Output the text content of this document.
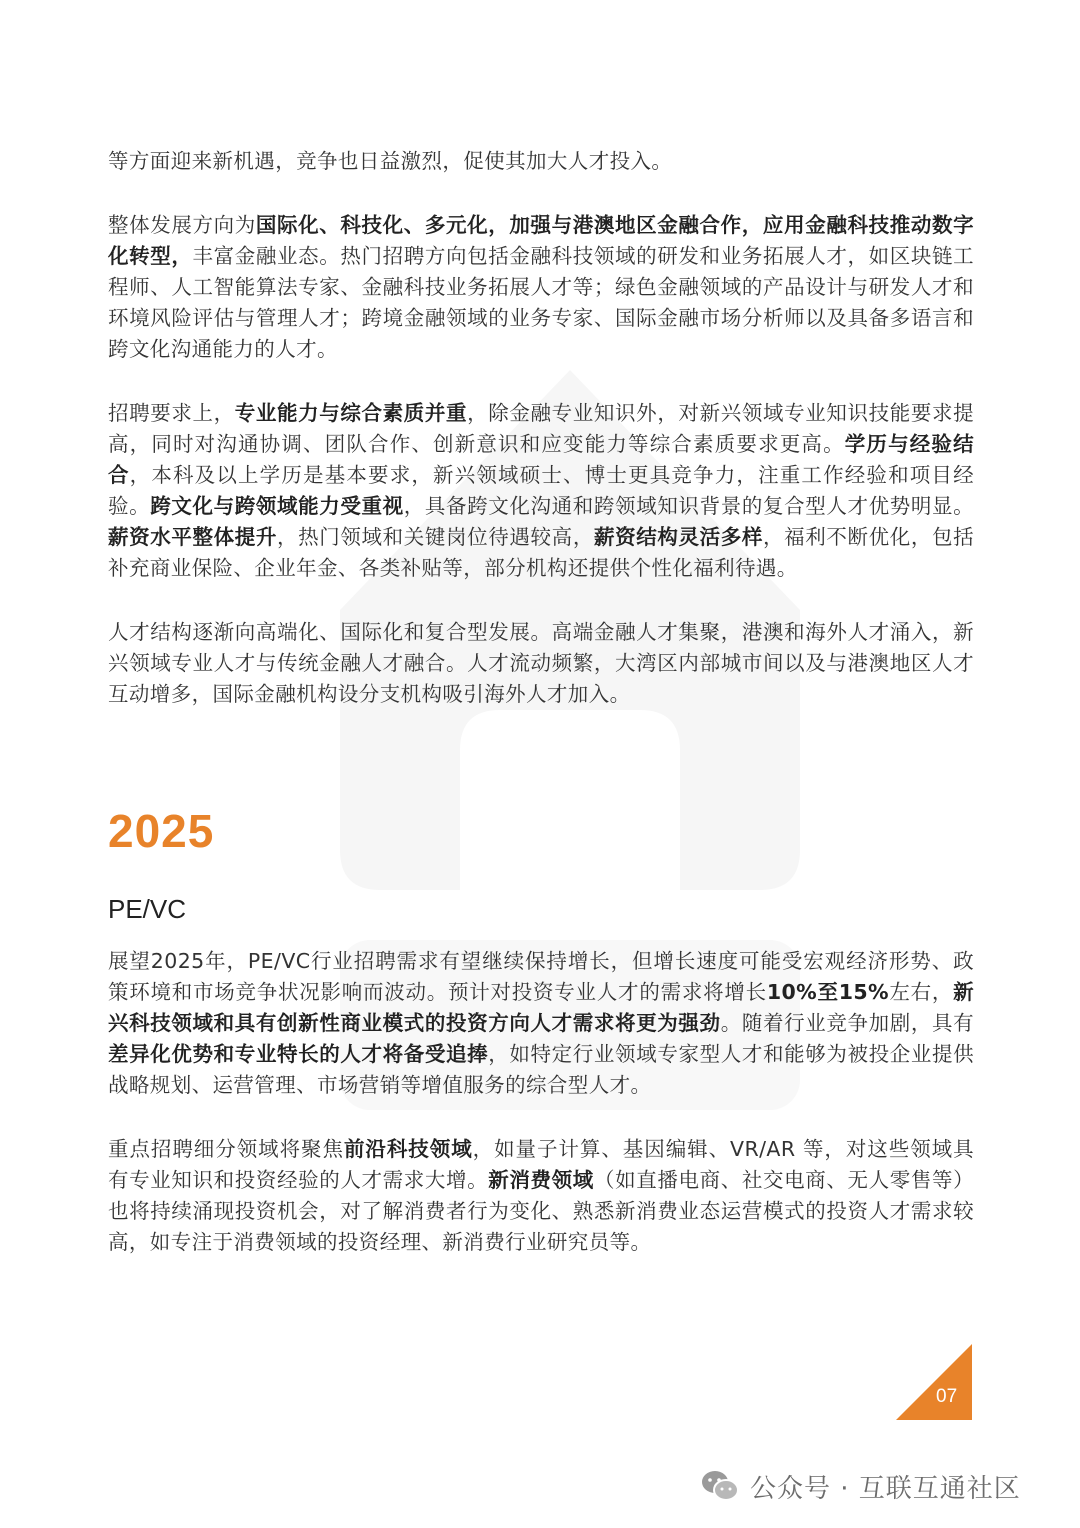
等方面迎来新机遇，竞争也日益激烈，促使其加大人才投入。

整体发展方向为国际化、科技化、多元化，加强与港澳地区金融合作，应用金融科技推动数字化转型，丰富金融业态。热门招聘方向包括金融科技领域的研发和业务拓展人才，如区块链工程师、人工智能算法专家、金融科技业务拓展人才等；绿色金融领域的产品设计与研发人才和环境风险评估与管理人才；跨境金融领域的业务专家、国际金融市场分析师以及具备多语言和跨文化沟通能力的人才。

招聘要求上，专业能力与综合素质并重，除金融专业知识外，对新兴领域专业知识技能要求提高，同时对沟通协调、团队合作、创新意识和应变能力等综合素质要求更高。学历与经验结合，本科及以上学历是基本要求，新兴领域硕士、博士更具竞争力，注重工作经验和项目经验。跨文化与跨领域能力受重视，具备跨文化沟通和跨领域知识背景的复合型人才优势明显。薪资水平整体提升，热门领域和关键岗位待遇较高，薪资结构灵活多样，福利不断优化，包括补充商业保险、企业年金、各类补贴等，部分机构还提供个性化福利待遇。

人才结构逐渐向高端化、国际化和复合型发展。高端金融人才集聚，港澳和海外人才涌入，新兴领域专业人才与传统金融人才融合。人才流动频繁，大湾区内部城市间以及与港澳地区人才互动增多，国际金融机构设分支机构吸引海外人才加入。

2025
PE/VC

展望2025年，PE/VC行业招聘需求有望继续保持增长，但增长速度可能受宏观经济形势、政策环境和市场竞争状况影响而波动。预计对投资专业人才的需求将增长10%至15%左右，新兴科技领域和具有创新性商业模式的投资方向人才需求将更为强劲。随着行业竞争加剧，具有差异化优势和专业特长的人才将备受追捧，如特定行业领域专家型人才和能够为被投企业提供战略规划、运营管理、市场营销等增值服务的综合型人才。

重点招聘细分领域将聚焦前沿科技领域，如量子计算、基因编辑、VR/AR 等，对这些领域具有专业知识和投资经验的人才需求大增。新消费领域（如直播电商、社交电商、无人零售等）也将持续涌现投资机会，对了解消费者行为变化、熟悉新消费业态运营模式的投资人才需求较高，如专注于消费领域的投资经理、新消费行业研究员等。

07
公众号 · 互联互通社区
